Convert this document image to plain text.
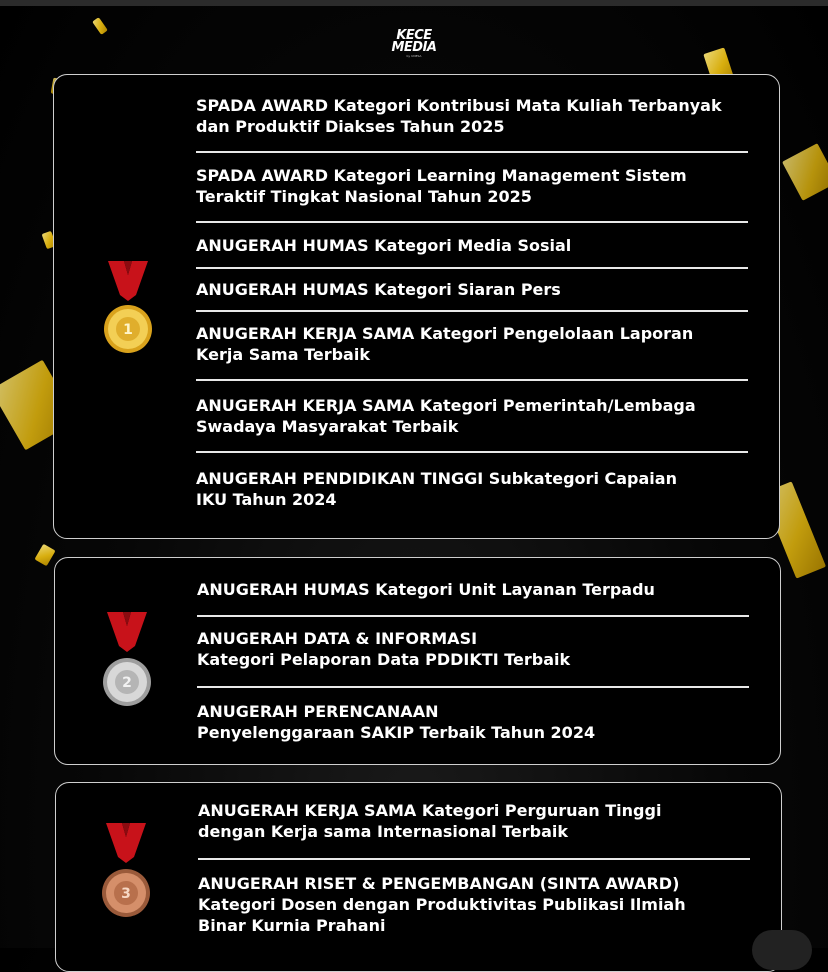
KECE
MEDIA
by UNESA
1
SPADA AWARD Kategori Kontribusi Mata Kuliah Terbanyak
dan Produktif Diakses Tahun 2025
SPADA AWARD Kategori Learning Management Sistem
Teraktif Tingkat Nasional Tahun 2025
ANUGERAH HUMAS Kategori Media Sosial
ANUGERAH HUMAS Kategori Siaran Pers
ANUGERAH KERJA SAMA Kategori Pengelolaan Laporan
Kerja Sama Terbaik
ANUGERAH KERJA SAMA Kategori Pemerintah/Lembaga
Swadaya Masyarakat Terbaik
ANUGERAH PENDIDIKAN TINGGI Subkategori Capaian
IKU Tahun 2024
2
ANUGERAH HUMAS Kategori Unit Layanan Terpadu
ANUGERAH DATA & INFORMASI
Kategori Pelaporan Data PDDIKTI Terbaik
ANUGERAH PERENCANAAN
Penyelenggaraan SAKIP Terbaik Tahun 2024
3
ANUGERAH KERJA SAMA Kategori Perguruan Tinggi
dengan Kerja sama Internasional Terbaik
ANUGERAH RISET & PENGEMBANGAN (SINTA AWARD)
Kategori Dosen dengan Produktivitas Publikasi Ilmiah
Binar Kurnia Prahani
